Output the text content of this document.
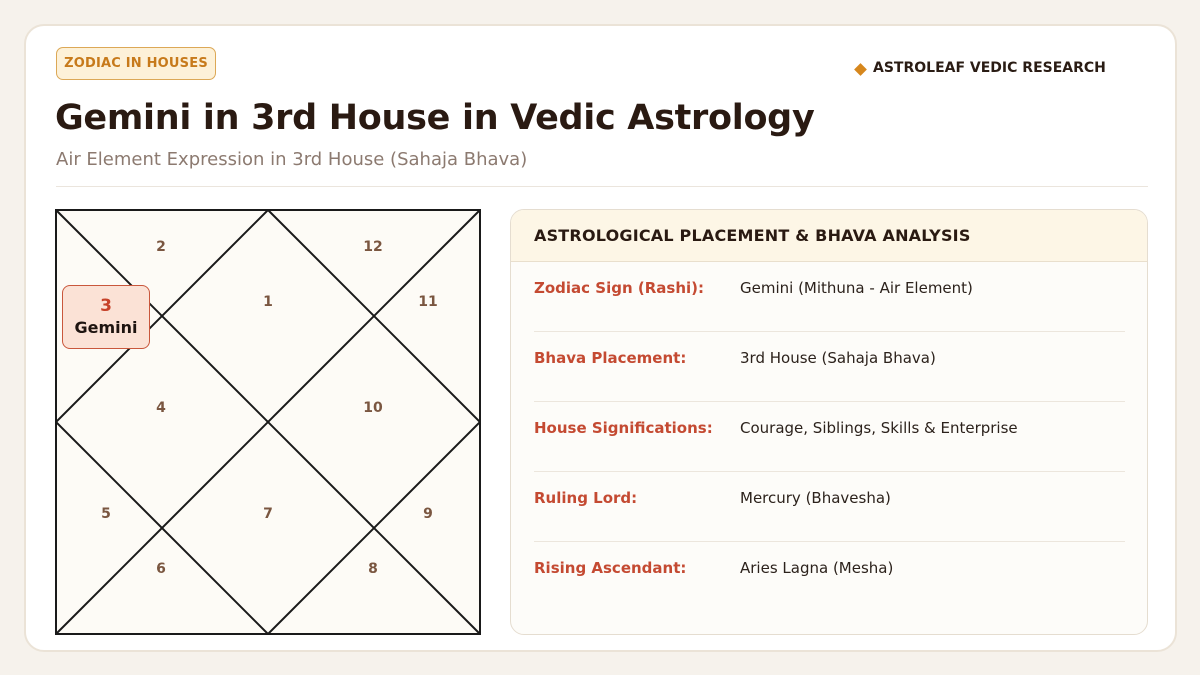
ZODIAC IN HOUSES	ASTROLEAF VEDIC RESEARCH
Gemini in 3rd House in Vedic Astrology
Air Element Expression in 3rd House (Sahaja Bhava)
1
2
4
5
6
7
8
9
10
11
12
3
Gemini
ASTROLOGICAL PLACEMENT & BHAVA ANALYSIS
Zodiac Sign (Rashi): Gemini (Mithuna - Air Element)
Bhava Placement:	3rd House (Sahaja Bhava)
House Significations: Courage, Siblings, Skills & Enterprise
Ruling Lord:	Mercury (Bhavesha)
Rising Ascendant:	Aries Lagna (Mesha)
